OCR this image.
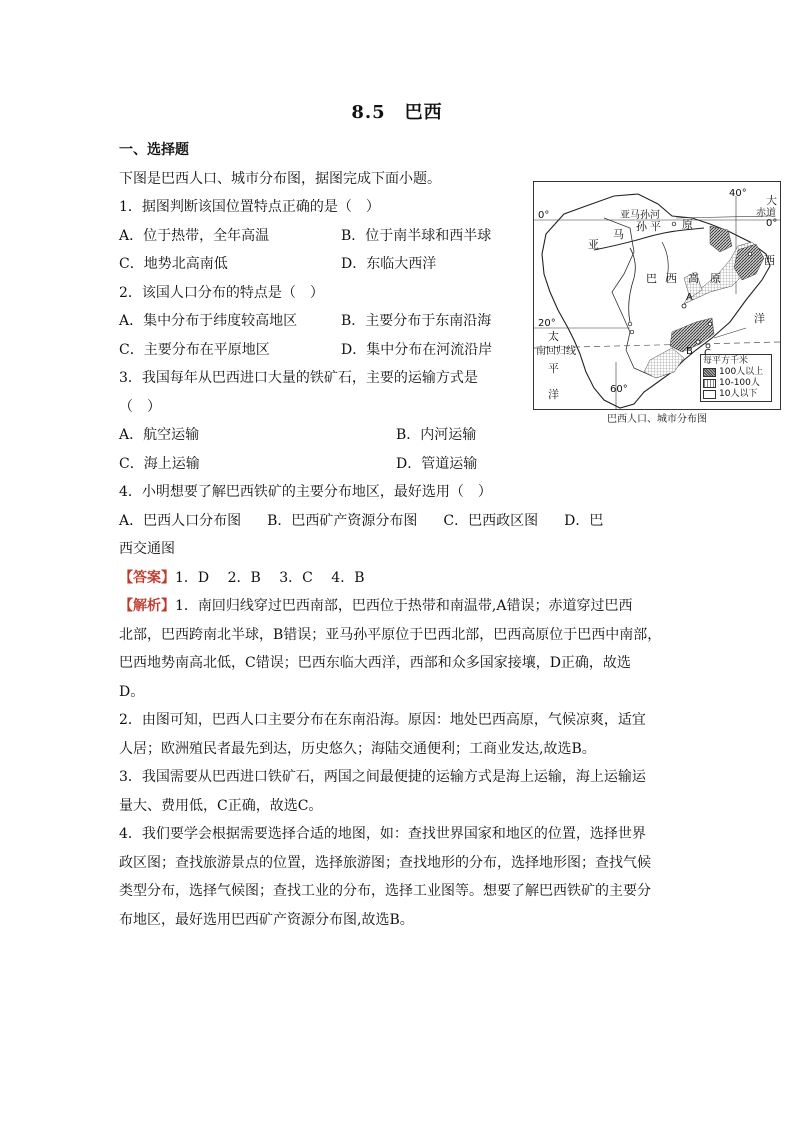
8.5　巴西
一、选择题
下图是巴西人口、城市分布图，据图完成下面小题。
1．据图判断该国位置特点正确的是（　）
A．位于热带，全年高温	B．位于南半球和西半球
C．地势北高南低	D．东临大西洋
2．该国人口分布的特点是（　）
A．集中分布于纬度较高地区	B．主要分布于东南沿海
C．主要分布在平原地区	D．集中分布在河流沿岸
3．我国每年从巴西进口大量的铁矿石，主要的运输方式是
（　）
A．航空运输	B．内河运输
C．海上运输	D．管道运输
4．小明想要了解巴西铁矿的主要分布地区，最好选用（　）
A．巴西人口分布图 B．巴西矿产资源分布图 C．巴西政区图 D．巴
西交通图
【答案】1．D　 2．B　 3．C　 4．B
【解析】1．南回归线穿过巴西南部，巴西位于热带和南温带,A错误；赤道穿过巴西
北部，巴西跨南北半球，B错误；亚马孙平原位于巴西北部，巴西高原位于巴西中南部，
巴西地势南高北低，C错误；巴西东临大西洋，西部和众多国家接壤，D正确，故选
D。
2．由图可知，巴西人口主要分布在东南沿海。原因：地处巴西高原，气候凉爽，适宜
人居；欧洲殖民者最先到达，历史悠久；海陆交通便利；工商业发达,故选B。
3．我国需要从巴西进口铁矿石，两国之间最便捷的运输方式是海上运输，海上运输运
量大、费用低，C正确，故选C。
4．我们要学会根据需要选择合适的地图，如：查找世界国家和地区的位置，选择世界
政区图；查找旅游景点的位置，选择旅游图；查找地形的分布，选择地形图；查找气候
类型分布，选择气候图；查找工业的分布，选择工业图等。想要了解巴西铁矿的主要分
布地区，最好选用巴西矿产资源分布图,故选B。
40°
0°
0°
大
赤道
亚马孙河
亚
马
孙 平 原
巴 西 高 原
西
洋
20°
太
南回归线
平
洋	60°
A
B
每平方千米
100人以上
10-100人
10人以下
巴西人口、城市分布图
